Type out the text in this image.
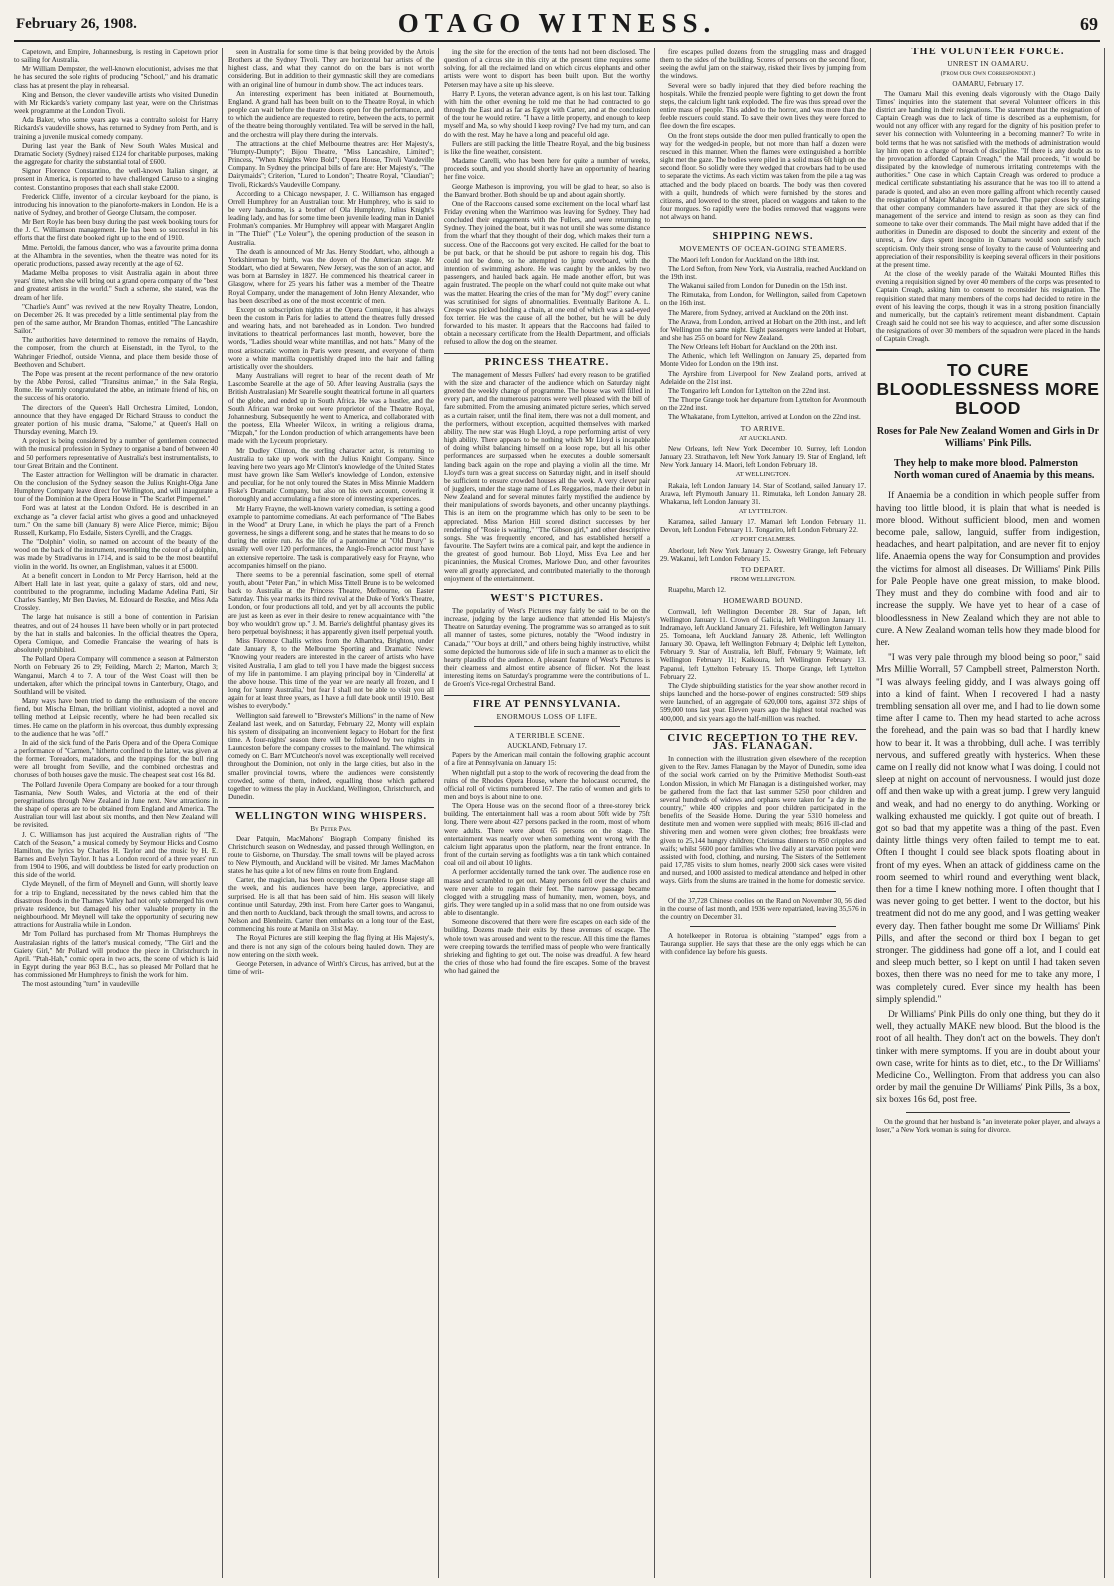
February 26, 1908.	OTAGO WITNESS.	69

Capetown, and Empire, Johannesburg, is resting in Capetown prior to sailing for Australia.

Mr William Dempster, the well-known elocutionist, advises me that he has secured the sole rights of producing "School," and his dramatic class has at present the play in rehearsal.

King and Benson, the clever vaudeville artists who visited Dunedin with Mr Rickards's variety company last year, were on the Christmas week programme at the London Tivoli.

Ada Baker, who some years ago was a contralto soloist for Harry Rickards's vaudeville shows, has returned to Sydney from Perth, and is training a juvenile musical comedy company.

During last year the Bank of New South Wales Musical and Dramatic Society (Sydney) raised £124 for charitable purposes, making the aggregate for charity the substantial total of £600.

Signor Florence Constantino, the well-known Italian singer, at present in America, is reported to have challenged Caruso to a singing contest. Constantino proposes that each shall stake £2000.

Frederick Cliffe, inventor of a circular keyboard for the piano, is introducing his innovation to the pianoforte-makers in London. He is a native of Sydney, and brother of George Clutsam, the composer.

Mr Bert Royle has been busy during the past week booking tours for the J. C. Williamson management. He has been so successful in his efforts that the first date booked right up to the end of 1910.

Mme. Pertoldi, the famous dancer, who was a favourite prima donna at the Alhambra in the seventies, when the theatre was noted for its operatic productions, passed away recently at the age of 62.

Madame Melba proposes to visit Australia again in about three years' time, when she will bring out a grand opera company of the "best and greatest artists in the world." Such a scheme, she stated, was the dream of her life.

"Charlie's Aunt" was revived at the new Royalty Theatre, London, on December 26. It was preceded by a little sentimental play from the pen of the same author, Mr Brandon Thomas, entitled "The Lancashire Sailor."

The authorities have determined to remove the remains of Haydn, the composer, from the church at Eisenstadt, in the Tyrol, to the Wahringer Friedhof, outside Vienna, and place them beside those of Beethoven and Schubert.

The Pope was present at the recent performance of the new oratorio by the Abbe Perosi, called "Transitus animae," in the Sala Regia, Rome. He warmly congratulated the abbe, an intimate friend of his, on the success of his oratorio.

The directors of the Queen's Hall Orchestra Limited, London, announce that they have engaged Dr Richard Strauss to conduct the greater portion of his music drama, "Salome," at Queen's Hall on Thursday evening, March 19.

A project is being considered by a number of gentlemen connected with the musical profession in Sydney to organise a band of between 40 and 50 performers representative of Australia's best instrumentalists, to tour Great Britain and the Continent.

The Easter attraction for Wellington will be dramatic in character. On the conclusion of the Sydney season the Julius Knight-Olga Jane Humphrey Company leave direct for Wellington, and will inaugurate a tour of the Dominion at the Opera House in "The Scarlet Pimpernel."

Ford was at latest at the London Oxford. He is described in an exchange as "a clever facial artist who gives a good and unhackneyed turn." On the same bill (January 8) were Alice Pierce, mimic; Bijou Russell, Kurkamp, Flo Esdaile, Sisters Cyrelli, and the Craggs.

The "Dolphin" violin, so named on account of the beauty of the wood on the back of the instrument, resembling the colour of a dolphin, was made by Stradivarus in 1714, and is said to be the most beautiful violin in the world. Its owner, an Englishman, values it at £5000.

At a benefit concert in London to Mr Percy Harrison, held at the Albert Hall late in last year, quite a galaxy of stars, old and new, contributed to the programme, including Madame Adelina Patti, Sir Charles Santley, Mr Ben Davies, M. Edouard de Reszke, and Miss Ada Crossley.

The large hat nuisance is still a bone of contention in Parisian theatres, and out of 24 houses 11 have been wholly or in part protected by the hat in stalls and balconies. In the official theatres the Opera, Opera Comique, and Comedie Francaise the wearing of hats is absolutely prohibited.

The Pollard Opera Company will commence a season at Palmerston North on February 26 to 29; Feilding, March 2; Marton, March 3; Wanganui, March 4 to 7. A tour of the West Coast will then be undertaken, after which the principal towns in Canterbury, Otago, and Southland will be visited.

Many ways have been tried to damp the enthusiasm of the encore fiend, but Mischa Elman, the brilliant violinist, adopted a novel and telling method at Leipsic recently, where he had been recalled six times. He came on the platform in his overcoat, thus dumbly expressing to the audience that he was "off."

In aid of the sick fund of the Paris Opera and of the Opera Comique a performance of "Carmen," hitherto confined to the latter, was given at the former. Toreadors, matadors, and the trappings for the bull ring were all brought from Seville, and the combined orchestras and choruses of both houses gave the music. The cheapest seat cost 16s 8d.

The Pollard Juvenile Opera Company are booked for a tour through Tasmania, New South Wales, and Victoria at the end of their peregrinations through New Zealand in June next. New attractions in the shape of operas are to be obtained from England and America. The Australian tour will last about six months, and then New Zealand will be revisited.

J. C. Williamson has just acquired the Australian rights of "The Catch of the Season," a musical comedy by Seymour Hicks and Cosmo Hamilton, the lyrics by Charles H. Taylor and the music by H. E. Barnes and Evelyn Taylor. It has a London record of a three years' run from 1904 to 1906, and will doubtless be listed for early production on this side of the world.

Clyde Meynell, of the firm of Meynell and Gunn, will shortly leave for a trip to England, necessitated by the news cabled him that the disastrous floods in the Thames Valley had not only submerged his own private residence, but damaged his other valuable property in the neighbourhood. Mr Meynell will take the opportunity of securing new attractions for Australia while in London.

Mr Tom Pollard has purchased from Mr Thomas Humphreys the Australasian rights of the latter's musical comedy, "The Girl and the Gaiety Girl," Mr Pollard will produce the piece in Christchurch in April. "Ptah-Hah," comic opera in two acts, the scene of which is laid in Egypt during the year 863 B.C., has so pleased Mr Pollard that he has commissioned Mr Humphreys to finish the work for him.

The most astounding "turn" in vaudeville

seen in Australia for some time is that being provided by the Artois Brothers at the Sydney Tivoli. They are horizontal bar artists of the highest class, and what they cannot do on the bars is not worth considering. But in addition to their gymnastic skill they are comedians with an original line of humour in dumb show. The act induces tears.

An interesting experiment has been initiated at Bournemouth, England. A grand hall has been built on to the Theatre Royal, in which people can wait before the theatre doors open for the performance, and to which the audience are requested to retire, between the acts, to permit of the theatre being thoroughly ventilated. Tea will be served in the hall, and the orchestra will play there during the intervals.

The attractions at the chief Melbourne theatres are: Her Majesty's, "Humpty-Dumpty"; Bijou Theatre, "Miss Lancashire, Limited"; Princess, "When Knights Were Bold"; Opera House, Tivoli Vaudeville Company. In Sydney the principal bills of fare are: Her Majesty's, "The Dairymaids"; Criterion, "Lured to London"; Theatre Royal, "Claudian"; Tivoli, Rickards's Vaudeville Company.

According to a Chicago newspaper, J. C. Williamson has engaged Orrell Humphrey for an Australian tour. Mr Humphrey, who is said to be very handsome, is a brother of Ola Humphrey, Julius Knight's leading lady, and has for some time been juvenile leading man in Daniel Frohman's companies. Mr Humphrey will appear with Margaret Anglin in "The Thief" ("Le Voleur"), the opening production of the season in Australia.

The death is announced of Mr Jas. Henry Stoddart, who, although a Yorkshireman by birth, was the doyen of the American stage. Mr Stoddart, who died at Sewaren, New Jersey, was the son of an actor, and was born at Barnsley in 1827. He commenced his theatrical career in Glasgow, where for 25 years his father was a member of the Theatre Royal Company, under the management of John Henry Alexander, who has been described as one of the most eccentric of men.

Except on subscription nights at the Opera Comique, it has always been the custom in Paris for ladies to attend the theatres fully dressed and wearing hats, and not bareheaded as in London. Two hundred invitations to theatrical performances last month, however, bore the words, "Ladies should wear white mantillas, and not hats." Many of the most aristocratic women in Paris were present, and everyone of them wore a white mantilla coquettishly draped into the hair and falling artistically over the shoulders.

Many Australians will regret to hear of the recent death of Mr Lascombe Searelle at the age of 50. After leaving Australia (says the British Australasian) Mr Searelle sought theatrical fortune in all quarters of the globe, and ended up in South Africa. He was a hustler, and the South African war broke out were proprietor of the Theatre Royal, Johannesburg. Subsequently he went to America, and collaborated with the poetess, Ella Wheeler Wilcox, in writing a religious drama, "Mizpah," for the London production of which arrangements have been made with the Lyceum proprietary.

Mr Dudley Clinton, the sterling character actor, is returning to Australia to take up work with the Julius Knight Company. Since leaving here two years ago Mr Clinton's knowledge of the United States must have grown like Sam Weller's knowledge of London, extensive and peculiar, for he not only toured the States in Miss Minnie Maddern Fiske's Dramatic Company, but also on his own account, covering it thoroughly and accumulating a fine store of interesting experiences.

Mr Harry Frayne, the well-known variety comedian, is setting a good example to pantomime comedians. At each performance of "The Babes in the Wood" at Drury Lane, in which he plays the part of a French governess, he sings a different song, and he states that he means to do so during the entire run. As the life of a pantomime at "Old Drury" is usually well over 120 performances, the Anglo-French actor must have an extensive repertoire. The task is comparatively easy for Frayne, who accompanies himself on the piano.

There seems to be a perennial fascination, some spell of eternal youth, about "Peter Pan," in which Miss Tittell Brune is to be welcomed back to Australia at the Princess Theatre, Melbourne, on Easter Saturday. This year marks its third revival at the Duke of York's Theatre, London, or four productions all told, and yet by all accounts the public are just as keen as ever in their desire to renew acquaintance with "the boy who wouldn't grow up." J. M. Barrie's delightful phantasy gives its hero perpetual boyishness; it has apparently given itself perpetual youth.

Miss Florence Challis writes from the Alhambra, Brighton, under date January 8, to the Melbourne Sporting and Dramatic News: "Knowing your readers are interested in the career of artists who have visited Australia, I am glad to tell you I have made the biggest success of my life in pantomime. I am playing principal boy in 'Cinderella' at the above house. This time of the year we are nearly all frozen, and I long for 'sunny Australia,' but fear I shall not be able to visit you all again for at least three years, as I have a full date book until 1910. Best wishes to everybody."

Wellington said farewell to "Brewster's Millions" in the name of New Zealand last week, and on Saturday, February 22, Monty will explain his system of dissipating an inconvenient legacy to Hobart for the first time. A four-nights' season there will be followed by two nights in Launceston before the company crosses to the mainland. The whimsical comedy on C. Barr M'Cutcheon's novel was exceptionally well received throughout the Dominion, not only in the large cities, but also in the smaller provincial towns, where the audiences were consistently crowded, some of them, indeed, equalling those which gathered together to witness the play in Auckland, Wellington, Christchurch, and Dunedin.

WELLINGTON WING WHISPERS.

By Peter Pan.

Dear Patquin, MacMahons' Biograph Company finished its Christchurch season on Wednesday, and passed through Wellington, en route to Gisborne, on Thursday. The small towns will be played across to New Plymouth, and Auckland will be visited. Mr James MacMahon states he has quite a lot of new films en route from England.

Carter, the magician, has been occupying the Opera House stage all the week, and his audiences have been large, appreciative, and surprised. He is all that has been said of him. His season will likely continue until Saturday, 29th inst. From here Carter goes to Wanganui, and then north to Auckland, back through the small towns, and across to Nelson and Blenheim. Carter then embarks on a long tour of the East, commencing his route at Manila on 31st May.

The Royal Pictures are still keeping the flag flying at His Majesty's, and there is not any sign of the colours being hauled down. They are now entering on the sixth week.

George Petersen, in advance of Wirth's Circus, has arrived, but at the time of writ-

ing the site for the erection of the tents had not been disclosed. The question of a circus site in this city at the present time requires some solving, for all the reclaimed land on which circus elephants and other artists were wont to disport has been built upon. But the worthy Petersen may have a site up his sleeve.

Harry P. Lyons, the veteran advance agent, is on his last tour. Talking with him the other evening he told me that he had contracted to go through the East and as far as Egypt with Carter, and at the conclusion of the tour he would retire. "I have a little property, and enough to keep myself and Ma, so why should I keep roving? I've had my turn, and can do with the rest. May he have a long and peaceful old age.

Fullers are still packing the little Theatre Royal, and the big business is like the fine weather, consistent.

Madame Carelli, who has been here for quite a number of weeks, proceeds south, and you should shortly have an opportunity of hearing her fine voice.

George Matheson is improving, you will be glad to hear, so also is the Banvard brother. Both should be up and about again shortly.

One of the Raccoons caused some excitement on the local wharf last Friday evening when the Warrimoo was leaving for Sydney. They had concluded their engagements with the Fullers, and were returning to Sydney. They joined the boat, but it was not until she was some distance from the wharf that they thought of their dog, which makes their turn a success. One of the Raccoons got very excited. He called for the boat to be put back, or that he should be put ashore to regain his dog. This could not be done, so he attempted to jump overboard, with the intention of swimming ashore. He was caught by the ankles by two passengers, and hauled back again. He made another effort, but was again frustrated. The people on the wharf could not quite make out what was the matter. Hearing the cries of the man for "My dog!" every canine was scrutinised for signs of abnormalities. Eventually Baritone A. L. Crespe was picked holding a chain, at one end of which was a sad-eyed fox terrier. He was the cause of all the bother, but he will be duly forwarded to his master. It appears that the Raccoons had failed to obtain a necessary certificate from the Health Department, and officials refused to allow the dog on the steamer.

PRINCESS THEATRE.

The management of Messrs Fullers' had every reason to be gratified with the size and character of the audience which on Saturday night greeted the weekly change of programme. The house was well filled in every part, and the numerous patrons were well pleased with the bill of fare submitted. From the amusing animated picture series, which served as a curtain raiser, until the final item, there was not a dull moment, and the performers, without exception, acquitted themselves with marked ability. The new star was Hugh Lloyd, a rope performing artist of very high ability. There appears to be nothing which Mr Lloyd is incapable of doing whilst balancing himself on a loose rope, but all his other performances are surpassed when he executes a double somersault landing back again on the rope and playing a violin all the time. Mr Lloyd's turn was a great success on Saturday night, and in itself should be sufficient to ensure crowded houses all the week. A very clever pair of jugglers, under the stage name of Les Reggarios, made their debut in New Zealand and for several minutes fairly mystified the audience by their manipulations of swords bayonets, and other uncanny playthings. This is an item on the programme which has only to be seen to be appreciated. Miss Marion Hill scored distinct successes by her rendering of "Rosie is waiting," "The Gibson girl," and other descriptive songs. She was frequently encored, and has established herself a favourite. The Sayfert twins are a comical pair, and kept the audience in the greatest of good humour. Bob Lloyd, Miss Eva Lee and her picaninnies, the Musical Cromes, Marlowe Duo, and other favourites were all greatly appreciated, and contributed materially to the thorough enjoyment of the entertainment.

WEST'S PICTURES.

The popularity of West's Pictures may fairly be said to be on the increase, judging by the large audience that attended His Majesty's Theatre on Saturday evening. The programme was so arranged as to suit all manner of tastes, some pictures, notably the "Wood industry in Canada," "Our boys at drill," and others being highly instructive, whilst some depicted the humorous side of life in such a manner as to elicit the hearty plaudits of the audience. A pleasant feature of West's Pictures is their clearness and almost entire absence of flicker. Not the least interesting items on Saturday's programme were the contributions of L. de Groen's Vice-regal Orchestral Band.

FIRE AT PENNSYLVANIA.

ENORMOUS LOSS OF LIFE.

A TERRIBLE SCENE.

AUCKLAND, February 17.

Papers by the American mail contain the following graphic account of a fire at Pennsylvania on January 15:

When nightfall put a stop to the work of recovering the dead from the ruins of the Rhodes Opera House, where the holocaust occurred, the official roll of victims numbered 167. The ratio of women and girls to men and boys is about nine to one.

The Opera House was on the second floor of a three-storey brick building. The entertainment hall was a room about 50ft wide by 75ft long. There were about 427 persons packed in the room, most of whom were adults. There were about 65 persons on the stage. The entertainment was nearly over when something went wrong with the calcium light apparatus upon the platform, near the front entrance. In front of the curtain serving as footlights was a tin tank which contained coal oil and oil about 10 lights.

A performer accidentally turned the tank over. The audience rose en masse and scrambled to get out. Many persons fell over the chairs and were never able to regain their feet. The narrow passage became clogged with a struggling mass of humanity, men, women, boys, and girls. They were tangled up in a solid mass that no one from outside was able to disentangle.

Someone discovered that there were fire escapes on each side of the building. Dozens made their exits by these avenues of escape. The whole town was aroused and went to the rescue. All this time the flames were creeping towards the terrified mass of people who were frantically shrieking and fighting to get out. The noise was dreadful. A few heard the cries of those who had found the fire escapes. Some of the bravest who had gained the

fire escapes pulled dozens from the struggling mass and dragged them to the sides of the building. Scores of persons on the second floor, seeing the awful jam on the stairway, risked their lives by jumping from the windows.

Several were so badly injured that they died before reaching the hospitals. While the frenzied people were fighting to get down the front steps, the calcium light tank exploded. The fire was thus spread over the entire mass of people. This added to the horror, and was more than the feeble rescuers could stand. To save their own lives they were forced to flee down the fire escapes.

On the front steps outside the door men pulled frantically to open the way for the wedged-in people, but not more than half a dozen were rescued in this manner. When the flames were extinguished a horrible sight met the gaze. The bodies were piled in a solid mass 6ft high on the second floor. So solidly were they wedged that crowbars had to be used to separate the victims. As each victim was taken from the pile a tag was attached and the body placed on boards. The body was then covered with a quilt, hundreds of which were furnished by the stores and citizens, and lowered to the street, placed on waggons and taken to the four morgues. So rapidly were the bodies removed that waggons were not always on hand.

SHIPPING NEWS.

MOVEMENTS OF OCEAN-GOING STEAMERS.

The Maori left London for Auckland on the 18th inst.

The Lord Sefton, from New York, via Australia, reached Auckland on the 19th inst.

The Wakanui sailed from London for Dunedin on the 15th inst.

The Rimutaka, from London, for Wellington, sailed from Capetown on the 16th inst.

The Marere, from Sydney, arrived at Auckland on the 20th inst.

The Arawa, from London, arrived at Hobart on the 20th inst., and left for Wellington the same night. Eight passengers were landed at Hobart, and she has 255 on board for New Zealand.

The New Orleans left Hobart for Auckland on the 20th inst.

The Athenic, which left Wellington on January 25, departed from Monte Video for London on the 19th inst.

The Ayrshire from Liverpool for New Zealand ports, arrived at Adelaide on the 21st inst.

The Tongariro left London for Lyttelton on the 22nd inst.

The Thorpe Grange took her departure from Lyttelton for Avonmouth on the 22nd inst.

The Whakatane, from Lyttelton, arrived at London on the 22nd inst.

TO ARRIVE.

AT AUCKLAND.

New Orleans, left New York December 10. Surrey, left London January 23. Strathavon, left New York January 19. Star of England, left New York January 14. Maori, left London February 18.

AT WELLINGTON.

Rakaia, left London January 14. Star of Scotland, sailed January 17. Arawa, left Plymouth January 11. Rimutaka, left London January 28. Whakarua, left London January 31.

AT LYTTELTON.

Karamea, sailed January 17. Mamari left London February 11. Devon, left London February 11. Tongariro, left London February 22.

AT PORT CHALMERS.

Aberlour, left New York January 2. Oswestry Grange, left February 29. Wakanui, left London February 15.

TO DEPART.

FROM WELLINGTON.

Ruapehu, March 12.

HOMEWARD BOUND.

Cornwall, left Wellington December 28. Star of Japan, left Wellington January 11. Crown of Galicia, left Wellington January 11. Indramayo, left Auckland January 21. Fifeshire, left Wellington January 25. Tomoana, left Auckland January 28. Athenic, left Wellington January 30. Opawa, left Wellington February 4; Delphic left Lyttelton, February 9. Star of Australia, left Bluff, February 9; Waimate, left Wellington February 11; Kaikoura, left Wellington February 13. Papanui, left Lyttelton February 15. Thorpe Grange, left Lyttelton February 22.

The Clyde shipbuilding statistics for the year show another record in ships launched and the horse-power of engines constructed: 509 ships were launched, of an aggregate of 620,000 tons, against 372 ships of 599,000 tons last year. Eleven years ago the highest total reached was 400,000, and six years ago the half-million was reached.

CIVIC RECEPTION TO THE REV. JAS. FLANAGAN.

In connection with the illustration given elsewhere of the reception given to the Rev. James Flanagan by the Mayor of Dunedin, some idea of the social work carried on by the Primitive Methodist South-east London Mission, in which Mr Flanagan is a distinguished worker, may be gathered from the fact that last summer 5250 poor children and several hundreds of widows and orphans were taken for "a day in the country," while 400 cripples and poor children participated in the benefits of the Seaside Home. During the year 5310 homeless and destitute men and women were supplied with meals; 8616 ill-clad and shivering men and women were given clothes; free breakfasts were given to 25,144 hungry children; Christmas dinners to 850 cripples and waifs; whilst 5600 poor families who live daily at starvation point were assisted with food, clothing, and nursing. The Sisters of the Settlement paid 17,785 visits to slum homes, nearly 2000 sick cases were visited and nursed, and 1000 assisted to medical attendance and helped in other ways. Girls from the slums are trained in the home for domestic service.

Of the 37,728 Chinese coolies on the Rand on November 30, 56 died in the course of last month, and 1936 were repatriated, leaving 35,576 in the country on December 31.

A hotelkeeper in Rotorua is obtaining "stamped" eggs from a Tauranga supplier. He says that these are the only eggs which he can with confidence lay before his guests.

THE VOLUNTEER FORCE.

UNREST IN OAMARU.

(From Our Own Correspondent.)

OAMARU, February 17.

The Oamaru Mail this evening deals vigorously with the Otago Daily Times' inquiries into the statement that several Volunteer officers in this district are handing in their resignations. The statement that the resignation of Captain Creagh was due to lack of time is described as a euphemism, for would not any officer with any regard for the dignity of his position prefer to sever his connection with Volunteering in a becoming manner? To write in bold terms that he was not satisfied with the methods of administration would lay him open to a charge of breach of discipline. "If there is any doubt as to the provocation afforded Captain Creagh," the Mail proceeds, "it would be dissipated by the knowledge of numerous irritating contretemps with the authorities." One case in which Captain Creagh was ordered to produce a medical certificate substantiating his assurance that he was too ill to attend a parade is quoted, and also an even more galling affront which recently caused the resignation of Major Mahan to be forwarded. The paper closes by stating that other company commanders have assured it that they are sick of the management of the service and intend to resign as soon as they can find someone to take over their commands. The Mail might have added that if the authorities in Dunedin are disposed to doubt the sincerity and extent of the unrest, a few days spent incognito in Oamaru would soon satisfy such scepticism. Only their strong sense of loyalty to the cause of Volunteering and appreciation of their responsibility is keeping several officers in their positions at the present time.

At the close of the weekly parade of the Waitaki Mounted Rifles this evening a requisition signed by over 40 members of the corps was presented to Captain Creagh, asking him to consent to reconsider his resignation. The requisition stated that many members of the corps had decided to retire in the event of his leaving the corps, though it was in a strong position financially and numerically, but the captain's retirement meant disbandment. Captain Creagh said he could not see his way to acquiesce, and after some discussion the resignations of over 30 members of the squadron were placed in the hands of Captain Creagh.

TO CURE BLOODLESSNESS MORE BLOOD
Roses for Pale New Zealand Women and Girls in Dr Williams' Pink Pills.
They help to make more blood. Palmerston North woman cured of Anaemia by this means.

If Anaemia be a condition in which people suffer from having too little blood, it is plain that what is needed is more blood. Without sufficient blood, men and women become pale, sallow, languid, suffer from indigestion, headaches, and heart palpitation, and are never fit to enjoy life. Anaemia opens the way for Consumption and provides the victims for almost all diseases. Dr Williams' Pink Pills for Pale People have one great mission, to make blood. They must and they do combine with food and air to increase the supply. We have yet to hear of a case of bloodlessness in New Zealand which they are not able to cure. A New Zealand woman tells how they made blood for her.

"I was very pale through my blood being so poor," said Mrs Millie Worrall, 57 Campbell street, Palmerston North. "I was always feeling giddy, and I was always going off into a kind of faint. When I recovered I had a nasty trembling sensation all over me, and I had to lie down some time after I came to. Then my head started to ache across the forehead, and the pain was so bad that I hardly knew how to bear it. It was a throbbing, dull ache. I was terribly nervous, and suffered greatly with hysterics. When these came on I really did not know what I was doing. I could not sleep at night on account of nervousness. I would just doze off and then wake up with a great jump. I grew very languid and weak, and had no energy to do anything. Working or walking exhausted me quickly. I got quite out of breath. I got so bad that my appetite was a thing of the past. Even dainty little things very often failed to tempt me to eat. Often I thought I could see black spots floating about in front of my eyes. When an attack of giddiness came on the room seemed to whirl round and everything went black, then for a time I knew nothing more. I often thought that I was never going to get better. I went to the doctor, but his treatment did not do me any good, and I was getting weaker every day. Then father bought me some Dr Williams' Pink Pills, and after the second or third box I began to get stronger. The giddiness had gone off a lot, and I could eat and sleep much better, so I kept on until I had taken seven boxes, then there was no need for me to take any more, I was completely cured. Ever since my health has been simply splendid."

Dr Williams' Pink Pills do only one thing, but they do it well, they actually MAKE new blood. But the blood is the root of all health. They don't act on the bowels. They don't tinker with mere symptoms. If you are in doubt about your own case, write for hints as to diet, etc., to the Dr Williams' Medicine Co., Wellington. From that address you can also order by mail the genuine Dr Williams' Pink Pills, 3s a box, six boxes 16s 6d, post free.

On the ground that her husband is "an inveterate poker player, and always a loser," a New York woman is suing for divorce.
